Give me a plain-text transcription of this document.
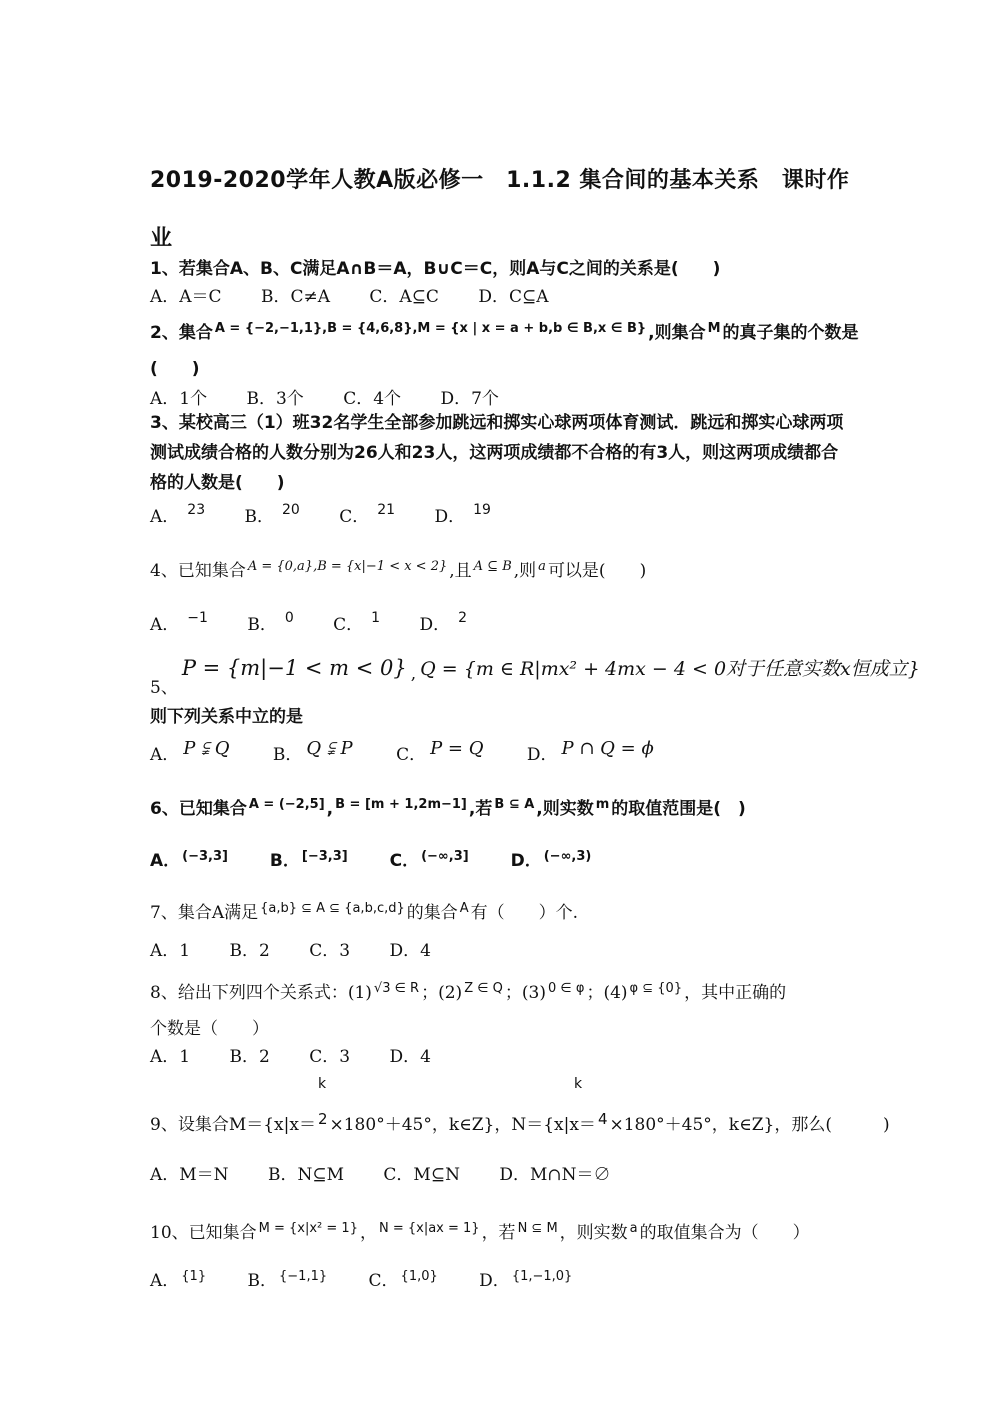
2019-2020学年人教A版必修一　1.1.2 集合间的基本关系　课时作业
1、若集合A、B、C满足A∩B＝A，B∪C＝C，则A与C之间的关系是(　　)
A．A＝C B．C≠A C．A⊆C D．C⊆A
2、集合 $^{A = \{-2,-1,1\},B = \{4,6,8\},M = \{x | x = a + b,b \in B,x \in B\}}$ ,则集合 $^M$ 的真子集的个数是
(　　)
A．1个 B．3个 C．4个 D．7个
3、某校高三（1）班32名学生全部参加跳远和掷实心球两项体育测试．跳远和掷实心球两项测试成绩合格的人数分别为26人和23人，这两项成绩都不合格的有3人，则这两项成绩都合格的人数是(　　)
A． $^{23}$ B． $^{20}$ C． $^{21}$ D． $^{19}$
4、已知集合 $^{A = \{0,a\},B = \{x|-1 < x < 2\}}$ ,且 $^{A ⊆ B}$ ,则 $^a$ 可以是(　　)
A． $^{-1}$ B． $^0$ C． $^1$ D． $^2$
5、P = {m|−1 < m < 0} , Q = {m ∈ R|mx² + 4mx − 4 < 0对于任意实数x恒成立}
则下列关系中立的是
A． P ⫋ Q	B． Q ⫋ P	C． P = Q	D． P ∩ Q = ϕ
6、已知集合 $^{A = (-2,5]}$ , $^{B = [m + 1,2m-1]}$ ,若 $^{B ⊆ A}$ ,则实数 $^m$ 的取值范围是(　)
A． $^{(-3,3]}$ B． [−3,3] C． $^{(-\infty,3]}$ D． $^{(-\infty,3)}$
7、集合A满足 $^{\{a,b\} ⊆ A ⊆ \{a,b,c,d\}}$ 的集合 $^A$ 有（　　）个.
A．1 B．2 C．3 D．4
8、给出下列四个关系式：(1) $^{√3 \in R}$ ；(2) $^{Z \in Q}$ ；(3) $^{0 \in \varphi}$ ；(4) $^{\varphi ⊆ \{0\}}$ ，其中正确的
个数是（　　）
A．1 B．2 C．3 D．4
k	k
9、设集合M＝{x|x＝ 2 ×180°＋45°，k∈Z}，N＝{x|x＝ 4 ×180°＋45°，k∈Z}，那么(　　　)
A．M＝N B．N⊆M C．M⊆N D．M∩N＝∅
10、已知集合 $^{M = \{x|x^2 = 1\}}$ ， $^{N = \{x|ax = 1\}}$ ，若 $^{N ⊆ M}$ ，则实数 $^a$ 的取值集合为（　　）
A． $^{\{1\}}$ B． $^{\{-1,1\}}$ C． $^{\{1,0\}}$ D． $^{\{1,-1,0\}}$
